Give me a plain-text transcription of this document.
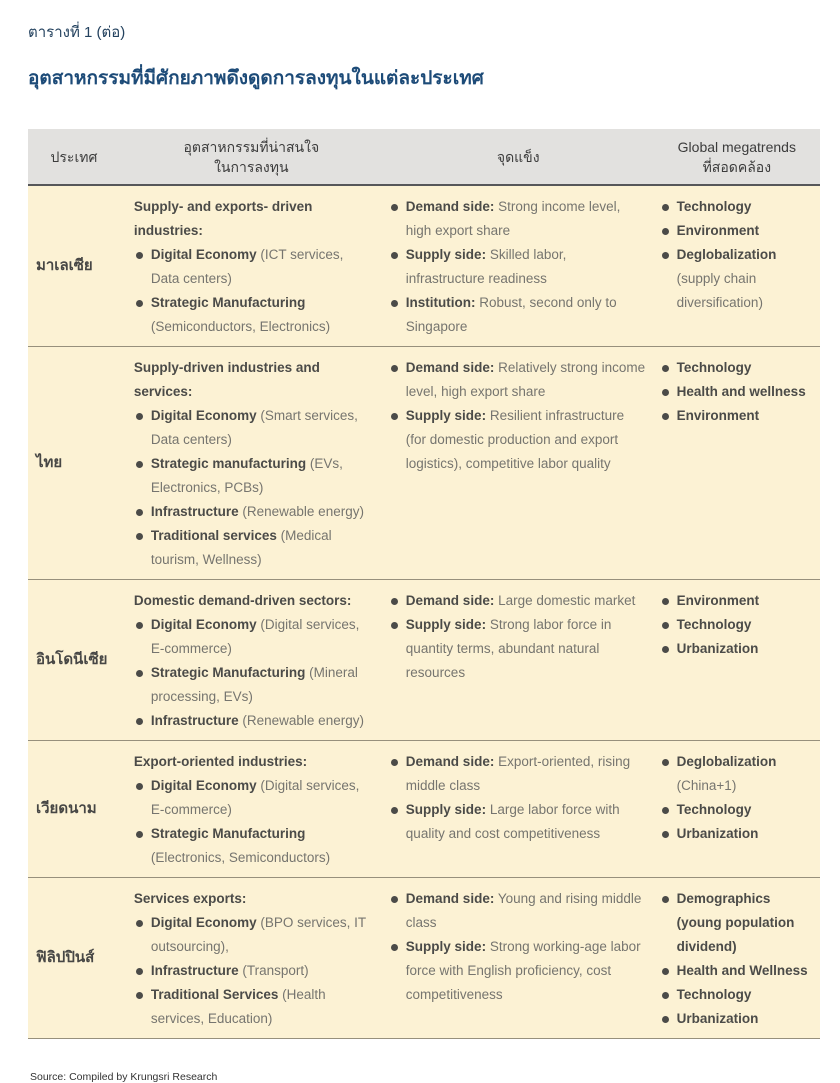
ตารางที่ 1 (ต่อ)
อุตสาหกรรมที่มีศักยภาพดึงดูดการลงทุนในแต่ละประเทศ
ประเทศ
อุตสาหกรรมที่น่าสนใจ
ในการลงทุน
จุดแข็ง
Global megatrends
ที่สอดคล้อง
มาเลเซีย
Supply- and exports- driven industries:
Digital Economy (ICT services, Data centers)
Strategic Manufacturing (Semiconductors, Electronics)
Demand side: Strong income level, high export share
Supply side: Skilled labor, infrastructure readiness
Institution: Robust, second only to Singapore
Technology
Environment
Deglobalization (supply chain diversification)
ไทย
Supply-driven industries and services:
Digital Economy (Smart services, Data centers)
Strategic manufacturing (EVs, Electronics, PCBs)
Infrastructure (Renewable energy)
Traditional services (Medical tourism, Wellness)
Demand side: Relatively strong income level, high export share
Supply side: Resilient infrastructure (for domestic production and export logistics), competitive labor quality
Technology
Health and wellness
Environment
อินโดนีเซีย
Domestic demand-driven sectors:
Digital Economy (Digital services, E-commerce)
Strategic Manufacturing (Mineral processing, EVs)
Infrastructure (Renewable energy)
Demand side: Large domestic market
Supply side: Strong labor force in quantity terms, abundant natural resources
Environment
Technology
Urbanization
เวียดนาม
Export-oriented industries:
Digital Economy (Digital services, E-commerce)
Strategic Manufacturing (Electronics, Semiconductors)
Demand side: Export-oriented, rising middle class
Supply side: Large labor force with quality and cost competitiveness
Deglobalization (China+1)
Technology
Urbanization
ฟิลิปปินส์
Services exports:
Digital Economy (BPO services, IT outsourcing),
Infrastructure (Transport)
Traditional Services (Health services, Education)
Demand side: Young and rising middle class
Supply side: Strong working-age labor force with English proficiency, cost competitiveness
Demographics (young population dividend)
Health and Wellness
Technology
Urbanization
Source: Compiled by Krungsri Research
